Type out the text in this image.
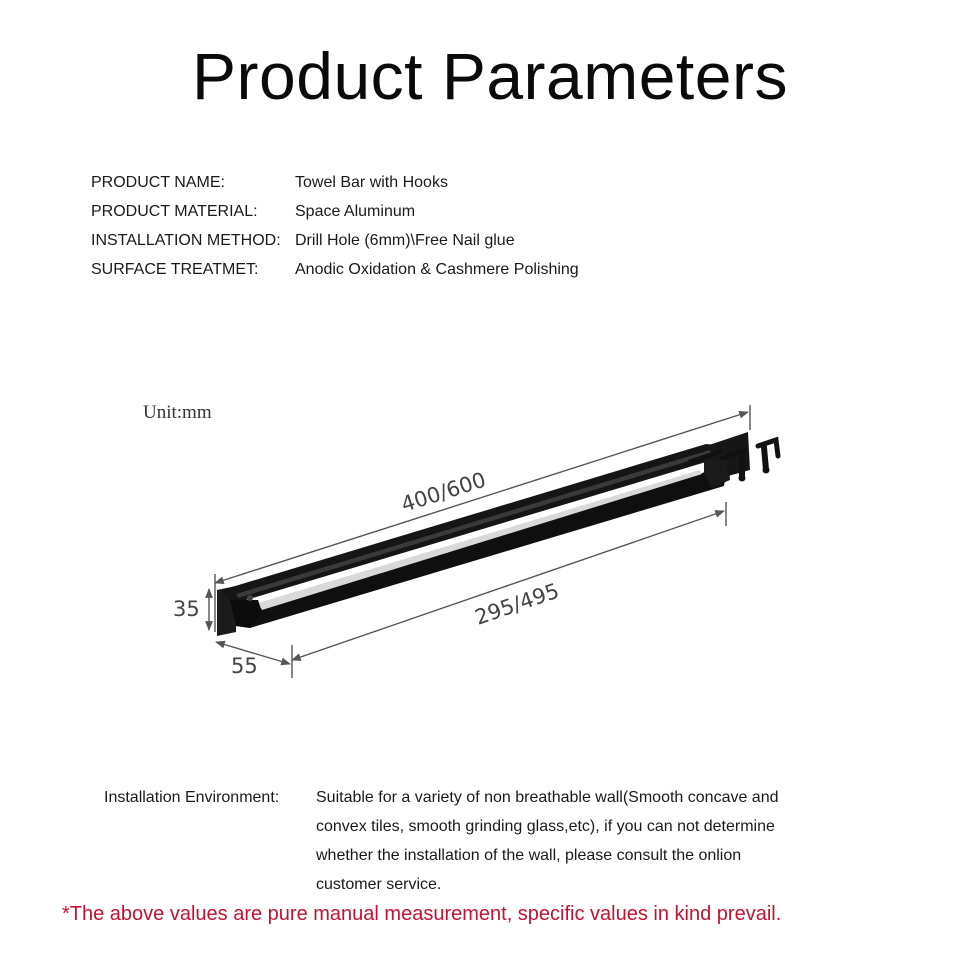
Product Parameters
PRODUCT NAME:	Towel Bar with Hooks
PRODUCT MATERIAL:	Space Aluminum
INSTALLATION METHOD: Drill Hole (6mm)\Free Nail glue
SURFACE TREATMET:	Anodic Oxidation & Cashmere Polishing
Unit:mm
400/600
295/495
35
55
Installation Environment:	Suitable for a variety of non breathable wall(Smooth concave and
convex tiles, smooth grinding glass,etc), if you can not determine
whether the installation of the wall, please consult the onlion
customer service.
*The above values are pure manual measurement, specific values in kind prevail.
